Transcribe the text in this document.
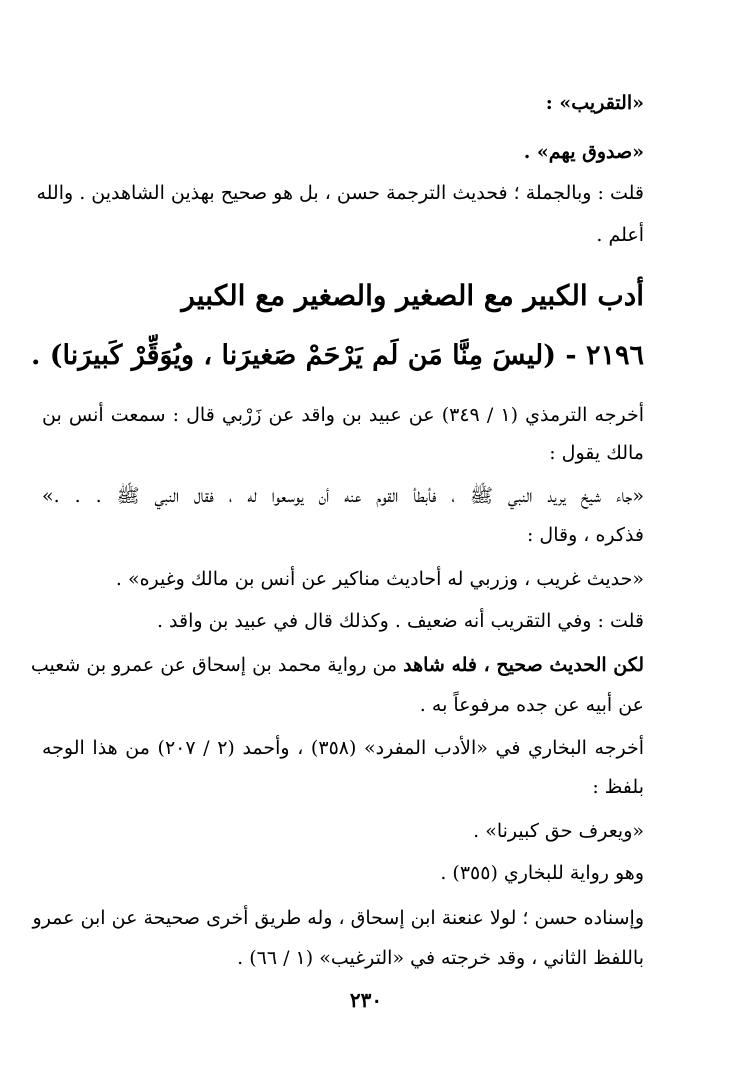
«التقريب» :
«صدوق يهم» .
قلت : وبالجملة ؛ فحديث الترجمة حسن ، بل هو صحيح بهذين الشاهدين . والله
أعلم .
أدب الكبير مع الصغير والصغير مع الكبير
٢١٩٦ - (ليسَ مِنَّا مَن لَم يَرْحَمْ صَغيرَنا ، ويُوَقِّرْ كَبيرَنا) .
أخرجه الترمذي (١ / ٣٤٩) عن عبيد بن واقد عن زَرْبي قال : سمعت أنس بن
مالك يقول :
«جاء شيخ يريد النبي ﷺ ، فأبطأ القوم عنه أن يوسعوا له ، فقال النبي ﷺ . . .»
فذكره ، وقال :
«حديث غريب ، وزربي له أحاديث مناكير عن أنس بن مالك وغيره» .
قلت : وفي التقريب أنه ضعيف . وكذلك قال في عبيد بن واقد .
لكن الحديث صحيح ، فله شاهد من رواية محمد بن إسحاق عن عمرو بن شعيب
عن أبيه عن جده مرفوعاً به .
أخرجه البخاري في «الأدب المفرد» (٣٥٨) ، وأحمد (٢ / ٢٠٧) من هذا الوجه
بلفظ :
«ويعرف حق كبيرنا» .
وهو رواية للبخاري (٣٥٥) .
وإسناده حسن ؛ لولا عنعنة ابن إسحاق ، وله طريق أخرى صحيحة عن ابن عمرو
باللفظ الثاني ، وقد خرجته في «الترغيب» (١ / ٦٦) .
٢٣٠
